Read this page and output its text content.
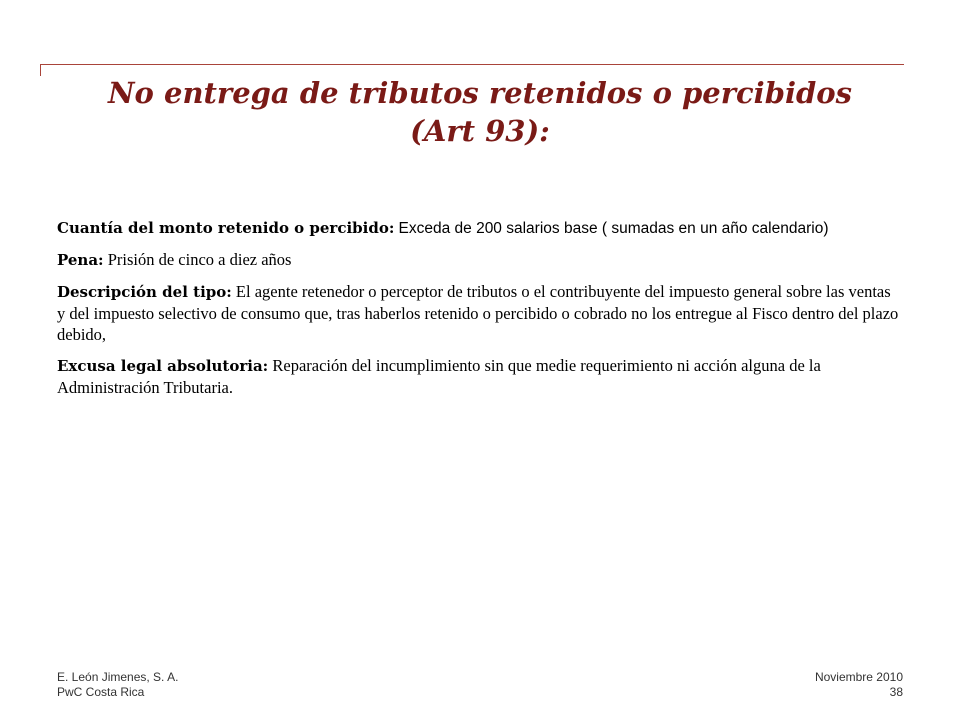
No entrega de tributos retenidos o percibidos
(Art 93):

Cuantía del monto retenido o percibido: Exceda de 200 salarios base ( sumadas en un año calendario)

Pena: Prisión de cinco a diez años

Descripción del tipo: El agente retenedor o perceptor de tributos o el contribuyente del impuesto general sobre las ventas y del impuesto selectivo de consumo que, tras haberlos retenido o percibido o cobrado no los entregue al Fisco dentro del plazo debido,

Excusa legal absolutoria: Reparación del incumplimiento sin que medie requerimiento ni acción alguna de la Administración Tributaria.

E. León Jimenes, S. A.
PwC Costa Rica
Noviembre 2010
38
